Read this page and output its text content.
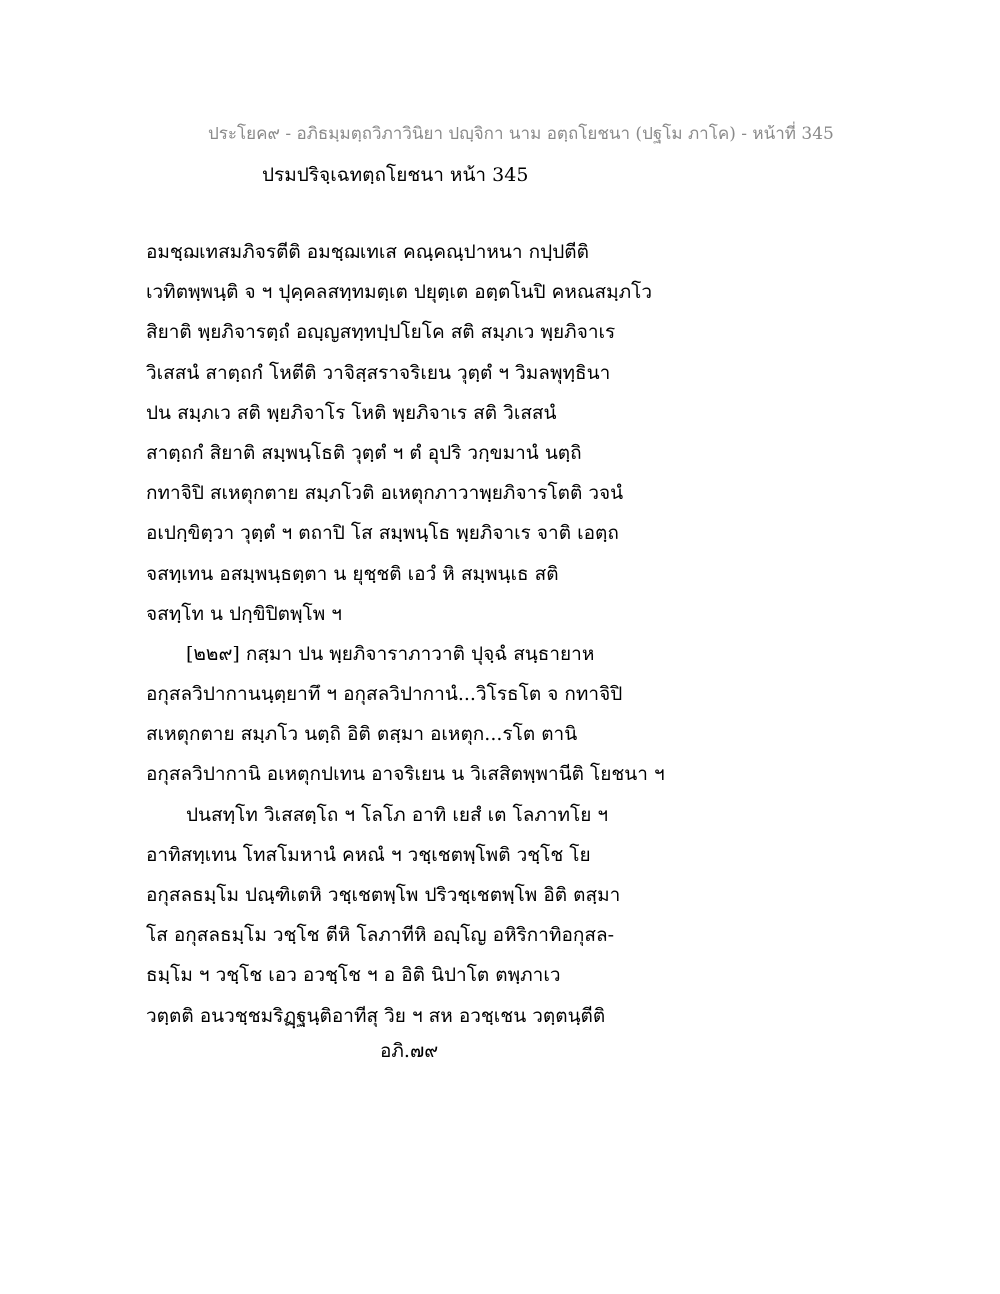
ประโยค๙ - อภิธมฺมตฺถวิภาวินิยา ปญฺจิกา นาม อตฺถโยชนา (ปฐโม ภาโค) - หน้าที่ 345
ปรมปริจฺเฉทตฺถโยชนา หน้า 345
อมชฺฌเทสมภิจรตีติ อมชฺฌเทเส คณฺคณฺปาหนา กปฺปตีติ
เวทิตพฺพนฺติ จ ฯ ปุคฺคลสทฺทมตฺเต ปยุตฺเต อตฺตโนปิ คหณสมฺภโว
สิยาติ พฺยภิจารตฺถํ อญฺญสทฺทปฺปโยโค สติ สมฺภเว พฺยภิจาเร
วิเสสนํ สาตฺถกํ โหตีติ วาจิสฺสราจริเยน วุตฺตํ ฯ วิมลพุทฺธินา
ปน สมฺภเว สติ พฺยภิจาโร โหติ พฺยภิจาเร สติ วิเสสนํ
สาตฺถกํ สิยาติ สมฺพนฺโธติ วุตฺตํ ฯ ตํ อุปริ วกฺขมานํ นตฺถิ
กทาจิปิ สเหตุกตาย สมฺภโวติ อเหตุกภาวาพฺยภิจารโตติ วจนํ
อเปกฺขิตฺวา วุตฺตํ ฯ ตถาปิ โส สมฺพนฺโธ พฺยภิจาเร จาติ เอตฺถ
จสทฺเทน อสมฺพนฺธตฺตา น ยุชฺชติ เอวํ หิ สมฺพนฺเธ สติ
จสทฺโท น ปกฺขิปิตพฺโพ ฯ
[๒๒๙] กสฺมา ปน พฺยภิจาราภาวาติ ปุจฺฉํ สนฺธายาห
อกุสลวิปากานนฺตฺยาทึ ฯ อกุสลวิปากานํ...วิโรธโต จ กทาจิปิ
สเหตุกตาย สมฺภโว นตฺถิ อิติ ตสฺมา อเหตุก...รโต ตานิ
อกุสลวิปากานิ อเหตุกปเทน อาจริเยน น วิเสสิตพฺพานีติ โยชนา ฯ
ปนสทฺโท วิเสสตฺโถ ฯ โลโภ อาทิ เยสํ เต โลภาทโย ฯ
อาทิสทฺเทน โทสโมหานํ คหณํ ฯ วชฺเชตพฺโพติ วชฺโช โย
อกุสลธมฺโม ปณฺฑิเตหิ วชฺเชตพฺโพ ปริวชฺเชตพฺโพ อิติ ตสฺมา
โส อกุสลธมฺโม วชฺโช ตีหิ โลภาทีหิ อญฺโญ อหิริกาทิอกุสล-
ธมฺโม ฯ วชฺโช เอว อวชฺโช ฯ อ อิติ นิปาโต ตพฺภาเว
วตฺตติ อนวชฺชมริฏฺฐนฺติอาทีสุ วิย ฯ สห อวชฺเชน วตฺตนฺตีติ
อภิ.๗๙
